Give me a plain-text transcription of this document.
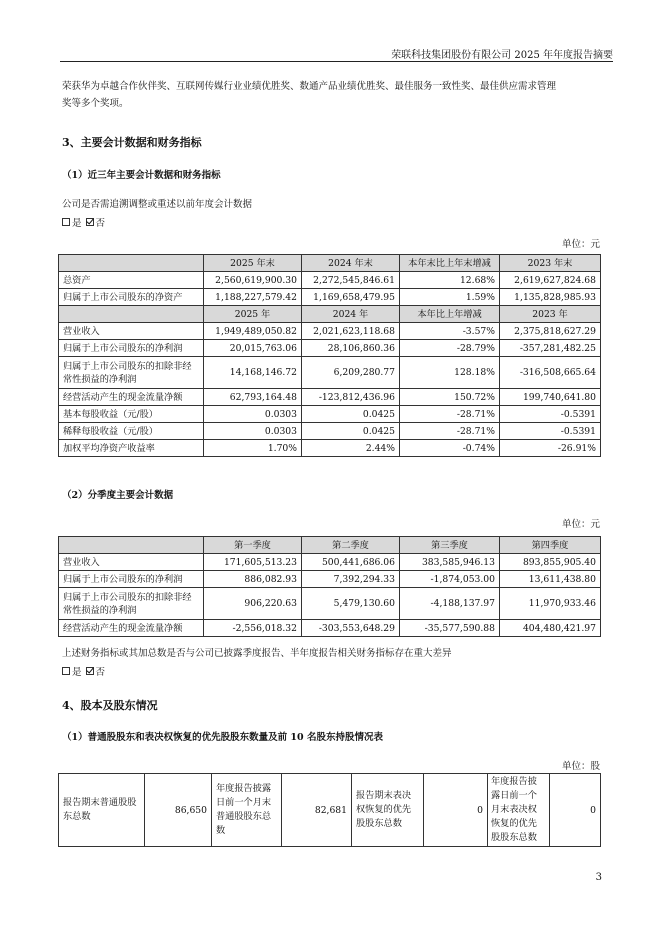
荣联科技集团股份有限公司 2025 年年度报告摘要
荣获华为卓越合作伙伴奖、互联网传媒行业业绩优胜奖、数通产品业绩优胜奖、最佳服务一致性奖、最佳供应需求管理
奖等多个奖项。
3、主要会计数据和财务指标
（1）近三年主要会计数据和财务指标
公司是否需追溯调整或重述以前年度会计数据
是 否
单位：元
	2025 年末	2024 年末	本年末比上年末增减	2023 年末
总资产	2,560,619,900.30	2,272,545,846.61	12.68%	2,619,627,824.68
归属于上市公司股东的净资产	1,188,227,579.42	1,169,658,479.95	1.59%	1,135,828,985.93
	2025 年	2024 年	本年比上年增减	2023 年
营业收入	1,949,489,050.82	2,021,623,118.68	-3.57%	2,375,818,627.29
归属于上市公司股东的净利润	20,015,763.06	28,106,860.36	-28.79%	-357,281,482.25
归属于上市公司股东的扣除非经常性损益的净利润	14,168,146.72	6,209,280.77	128.18%	-316,508,665.64
经营活动产生的现金流量净额	62,793,164.48	-123,812,436.96	150.72%	199,740,641.80
基本每股收益（元/股）	0.0303	0.0425	-28.71%	-0.5391
稀释每股收益（元/股）	0.0303	0.0425	-28.71%	-0.5391
加权平均净资产收益率	1.70%	2.44%	-0.74%	-26.91%
（2）分季度主要会计数据
单位：元
	第一季度	第二季度	第三季度	第四季度
营业收入	171,605,513.23	500,441,686.06	383,585,946.13	893,855,905.40
归属于上市公司股东的净利润	886,082.93	7,392,294.33	-1,874,053.00	13,611,438.80
归属于上市公司股东的扣除非经常性损益的净利润	906,220.63	5,479,130.60	-4,188,137.97	11,970,933.46
经营活动产生的现金流量净额	-2,556,018.32	-303,553,648.29	-35,577,590.88	404,480,421.97
上述财务指标或其加总数是否与公司已披露季度报告、半年度报告相关财务指标存在重大差异
是 否
4、股本及股东情况
（1）普通股股东和表决权恢复的优先股股东数量及前 10 名股东持股情况表
单位：股
报告期末普通股股东总数	86,650	年度报告披露日前一个月末普通股股东总数	82,681	报告期末表决权恢复的优先股股东总数	0	年度报告披露日前一个月末表决权恢复的优先股股东总数	0
3
